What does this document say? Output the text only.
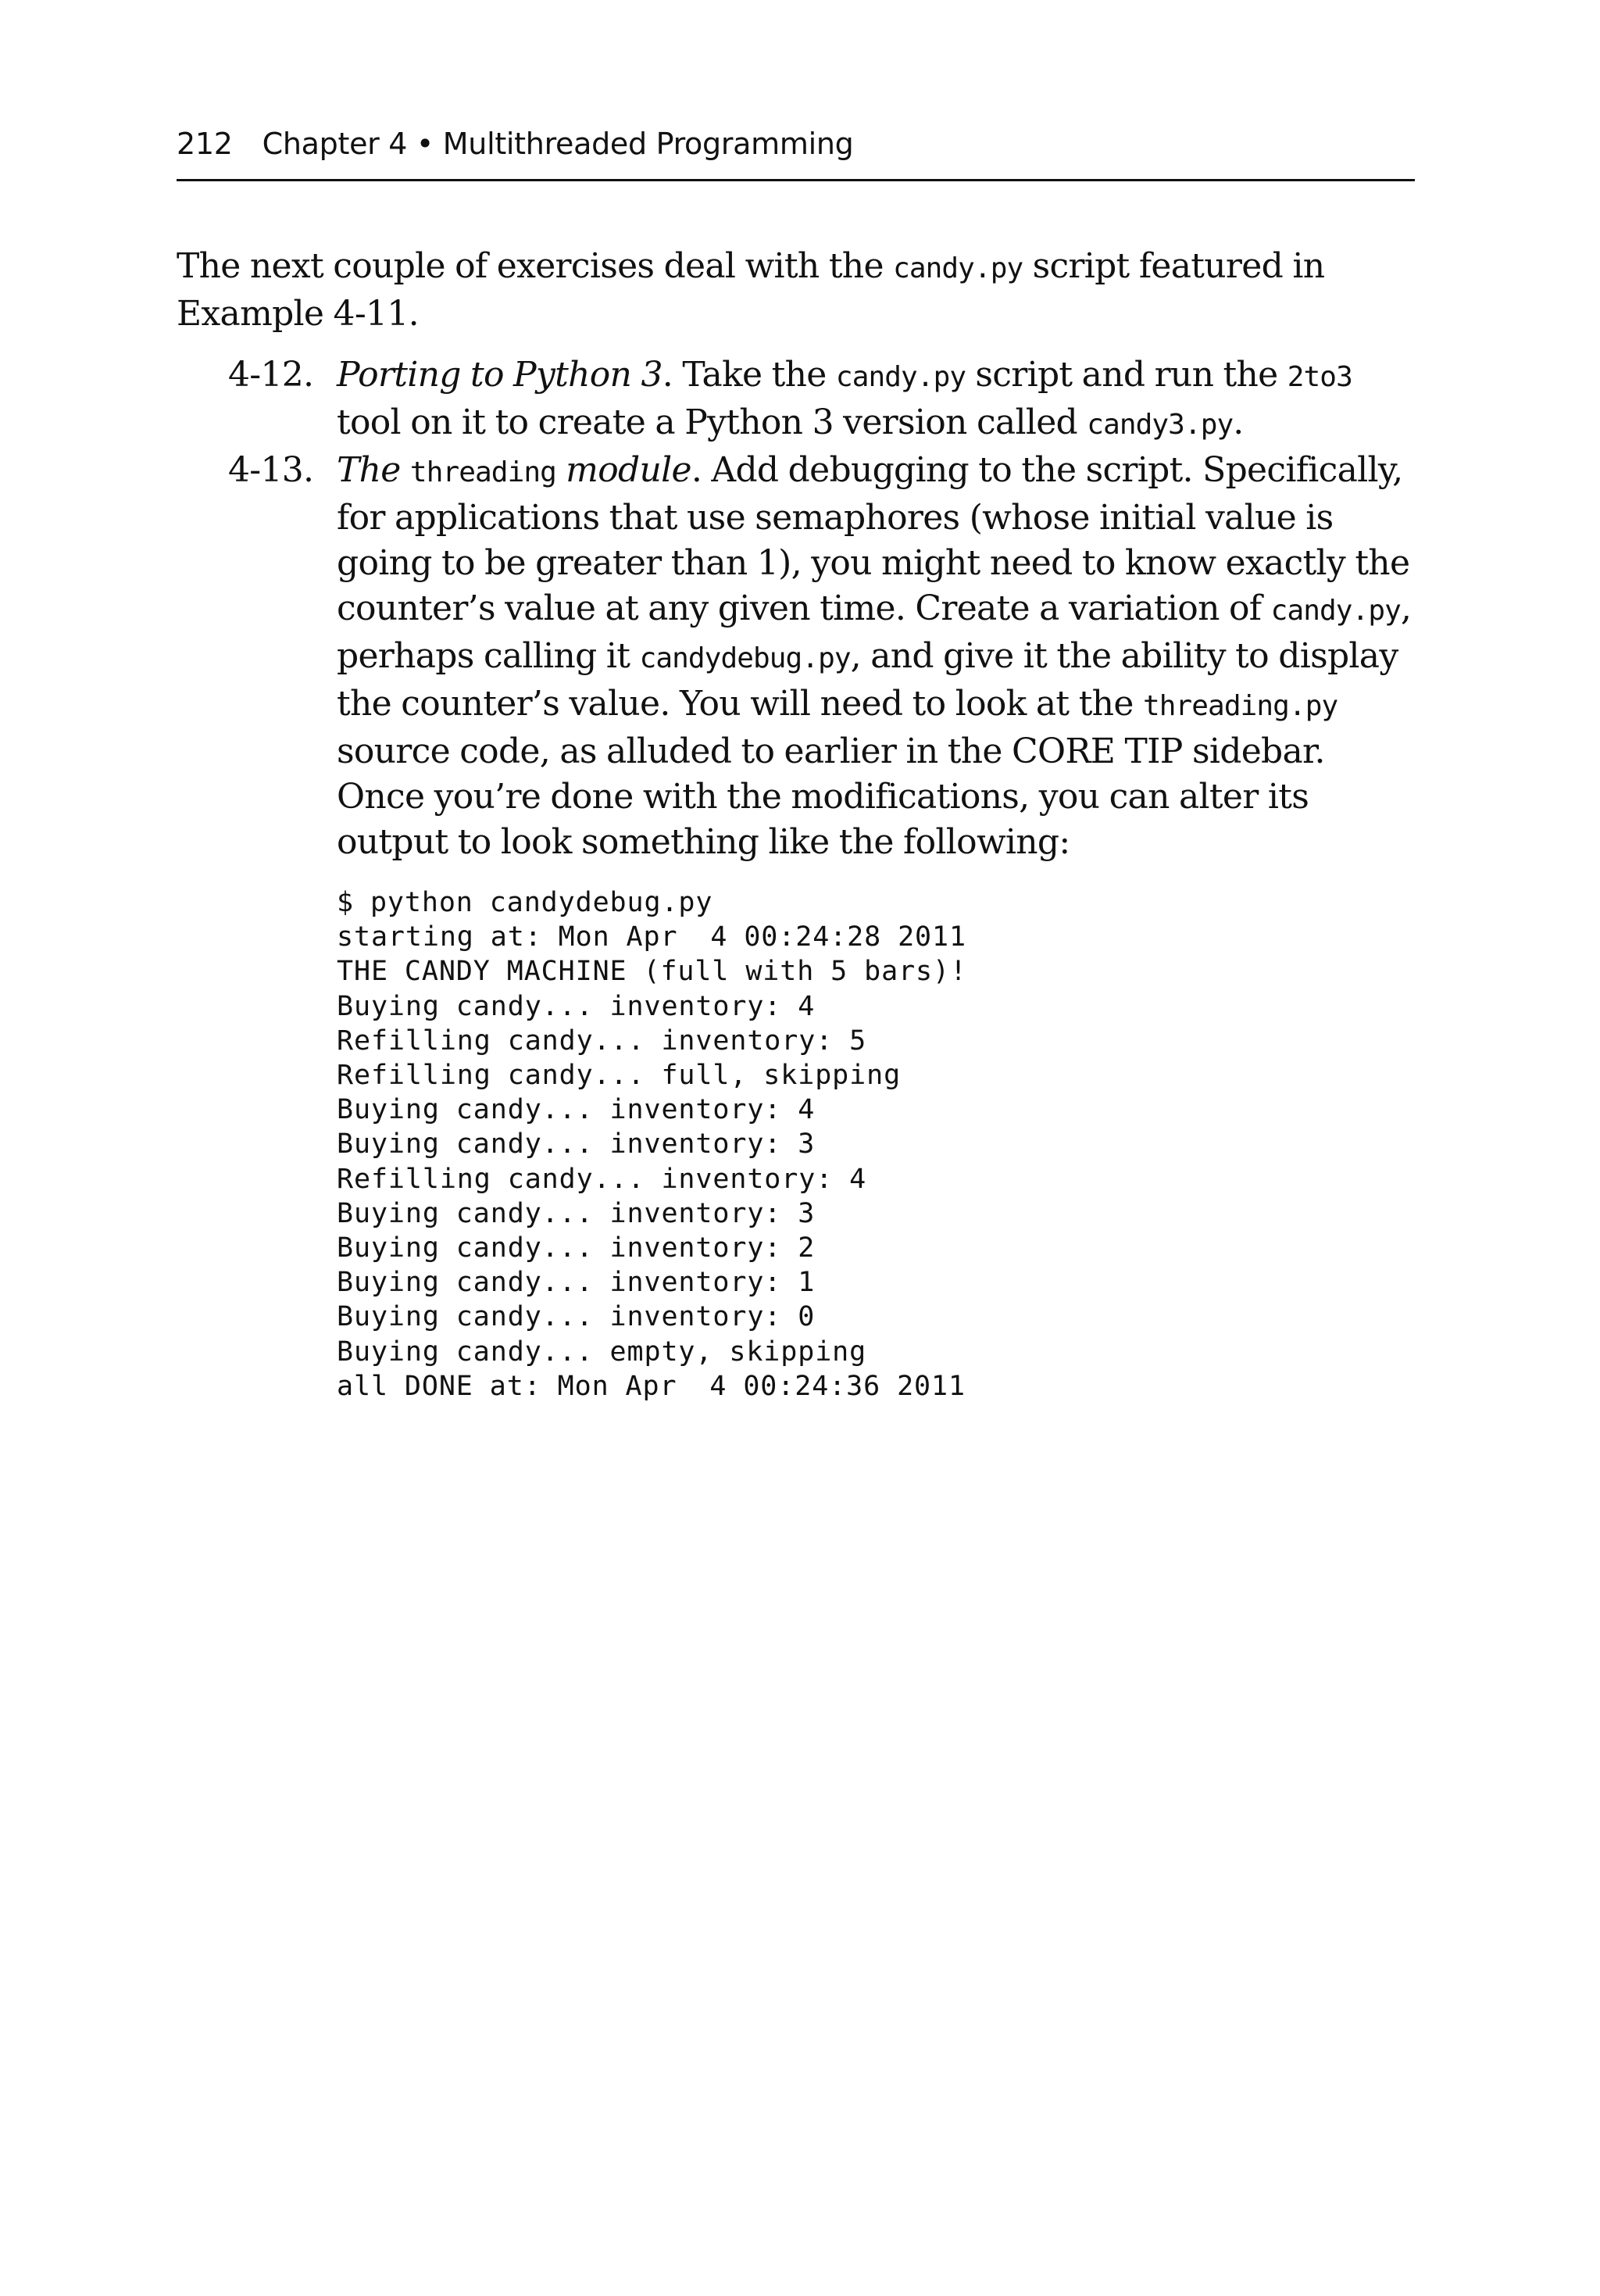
212 Chapter 4 • Multithreaded Programming

The next couple of exercises deal with the candy.py script featured in Example 4-11.

4-12. Porting to Python 3. Take the candy.py script and run the 2to3 tool on it to create a Python 3 version called candy3.py.
4-13. The threading module. Add debugging to the script. Specifically, for applications that use semaphores (whose initial value is going to be greater than 1), you might need to know exactly the counter’s value at any given time. Create a variation of candy.py, perhaps calling it candydebug.py, and give it the ability to display the counter’s value. You will need to look at the threading.py source code, as alluded to earlier in the CORE TIP sidebar. Once you’re done with the modifications, you can alter its output to look something like the following:
$ python candydebug.py
starting at: Mon Apr  4 00:24:28 2011
THE CANDY MACHINE (full with 5 bars)!
Buying candy... inventory: 4
Refilling candy... inventory: 5
Refilling candy... full, skipping
Buying candy... inventory: 4
Buying candy... inventory: 3
Refilling candy... inventory: 4
Buying candy... inventory: 3
Buying candy... inventory: 2
Buying candy... inventory: 1
Buying candy... inventory: 0
Buying candy... empty, skipping
all DONE at: Mon Apr  4 00:24:36 2011
